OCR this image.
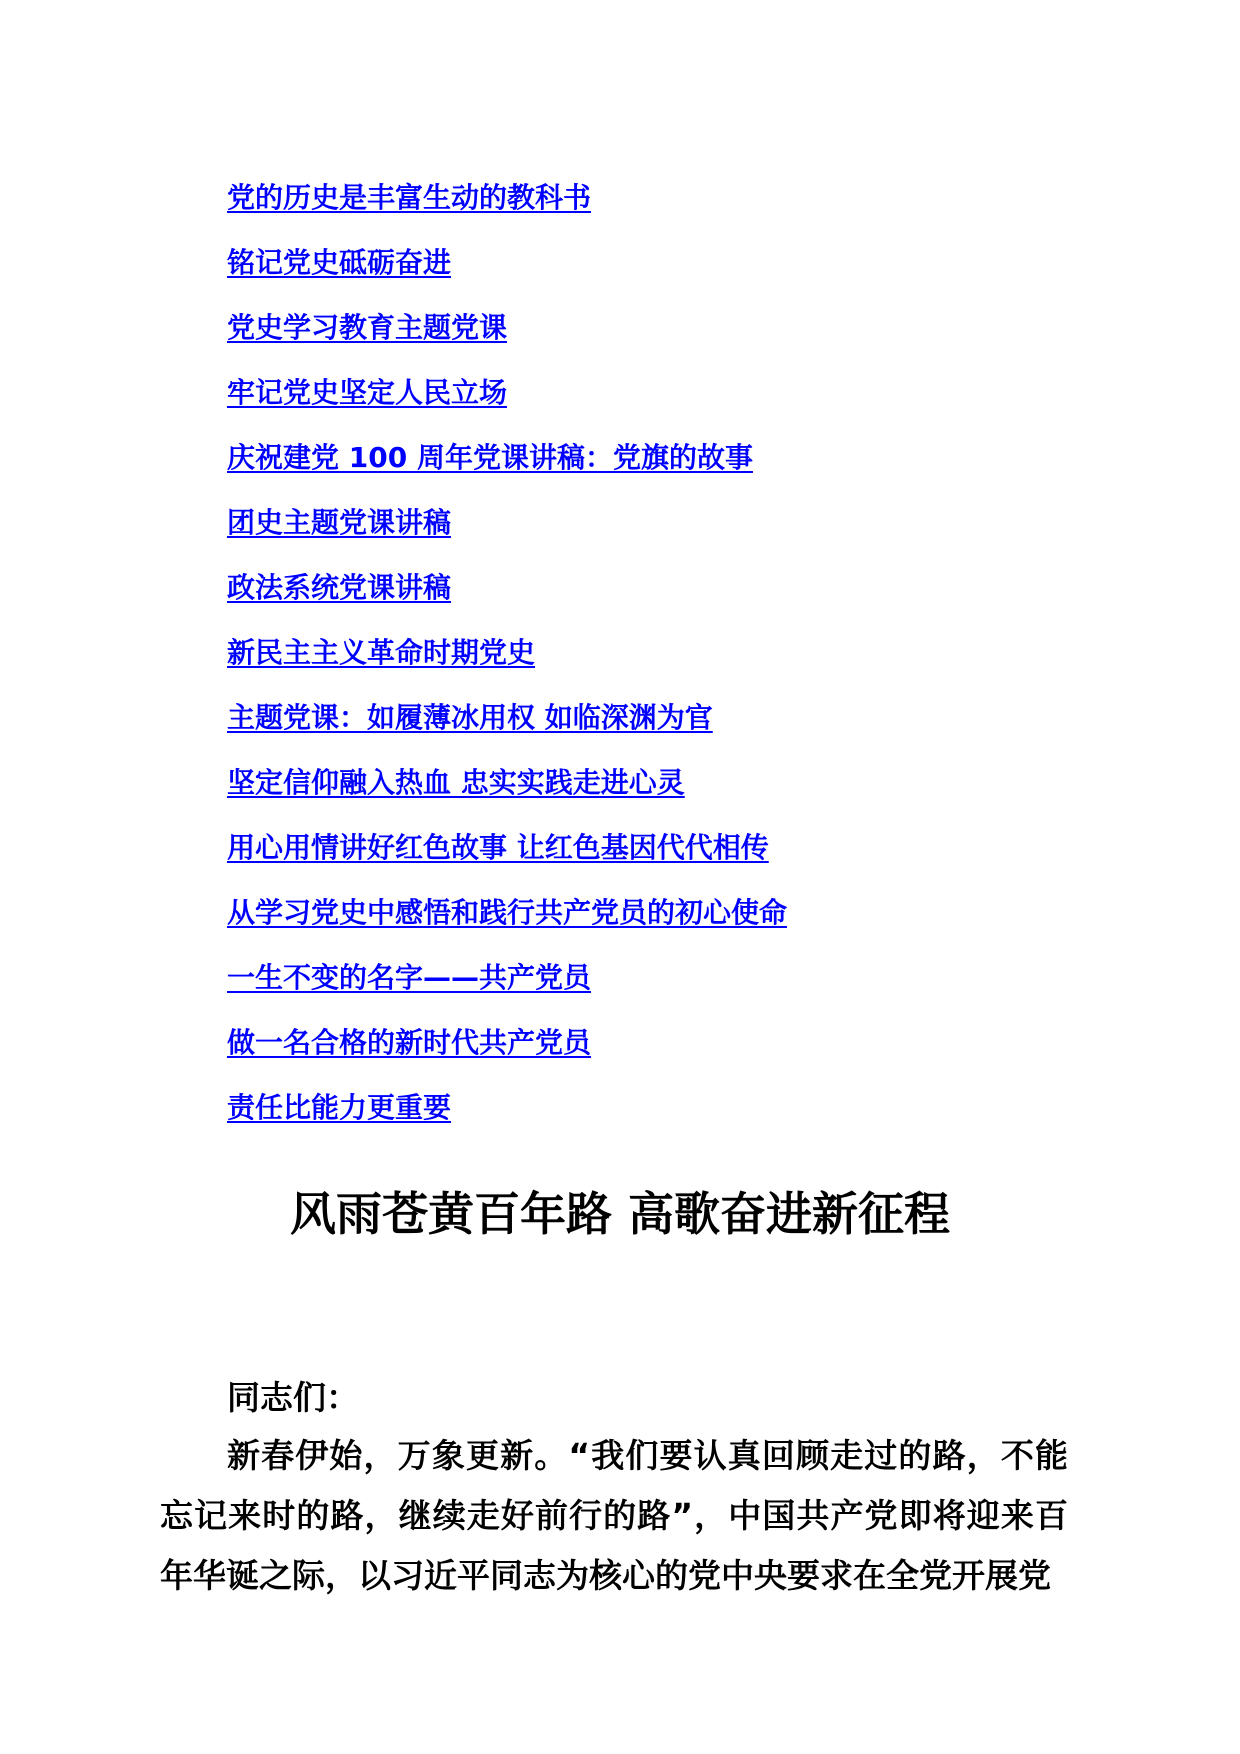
党的历史是丰富生动的教科书
铭记党史砥砺奋进
党史学习教育主题党课
牢记党史坚定人民立场
庆祝建党 100 周年党课讲稿：党旗的故事
团史主题党课讲稿
政法系统党课讲稿
新民主主义革命时期党史
主题党课：如履薄冰用权 如临深渊为官
坚定信仰融入热血 忠实实践走进心灵
用心用情讲好红色故事 让红色基因代代相传
从学习党史中感悟和践行共产党员的初心使命
一生不变的名字——共产党员
做一名合格的新时代共产党员
责任比能力更重要
风雨苍黄百年路 高歌奋进新征程

同志们：

新春伊始，万象更新。“我们要认真回顾走过的路，不能忘记来时的路，继续走好前行的路”，中国共产党即将迎来百年华诞之际，以习近平同志为核心的党中央要求在全党开展党
